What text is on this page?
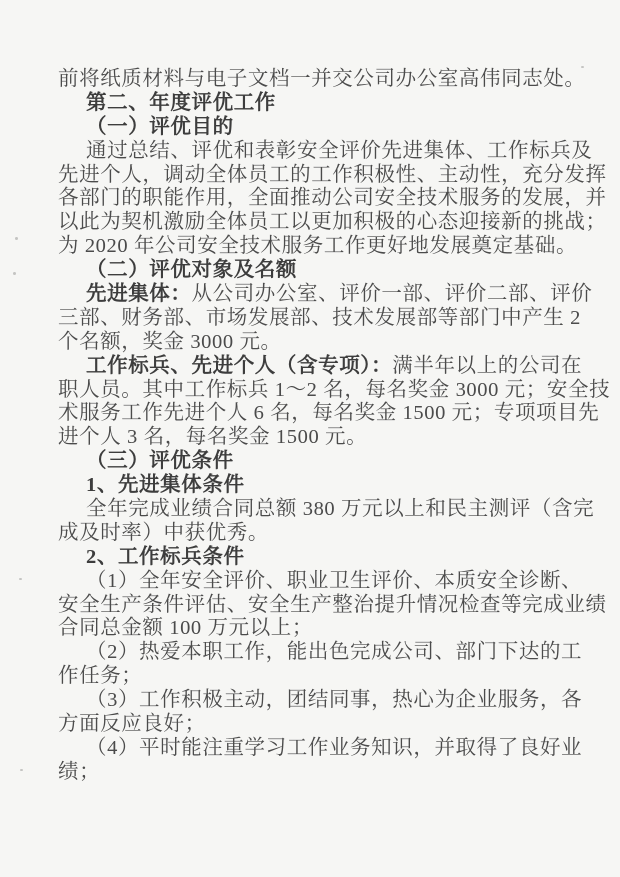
前将纸质材料与电子文档一并交公司办公室高伟同志处。
第二、年度评优工作
（一）评优目的
通过总结、评优和表彰安全评价先进集体、工作标兵及
先进个人，调动全体员工的工作积极性、主动性，充分发挥
各部门的职能作用，全面推动公司安全技术服务的发展，并
以此为契机激励全体员工以更加积极的心态迎接新的挑战；
为 2020 年公司安全技术服务工作更好地发展奠定基础。
（二）评优对象及名额
先进集体：从公司办公室、评价一部、评价二部、评价
三部、财务部、市场发展部、技术发展部等部门中产生 2
个名额，奖金 3000 元。
工作标兵、先进个人（含专项）：满半年以上的公司在
职人员。其中工作标兵 1～2 名，每名奖金 3000 元；安全技
术服务工作先进个人 6 名，每名奖金 1500 元；专项项目先
进个人 3 名，每名奖金 1500 元。
（三）评优条件
1、先进集体条件
全年完成业绩合同总额 380 万元以上和民主测评（含完
成及时率）中获优秀。
2、工作标兵条件
（1）全年安全评价、职业卫生评价、本质安全诊断、
安全生产条件评估、安全生产整治提升情况检查等完成业绩
合同总金额 100 万元以上；
（2）热爱本职工作，能出色完成公司、部门下达的工
作任务；
（3）工作积极主动，团结同事，热心为企业服务，各
方面反应良好；
（4）平时能注重学习工作业务知识，并取得了良好业
绩；
